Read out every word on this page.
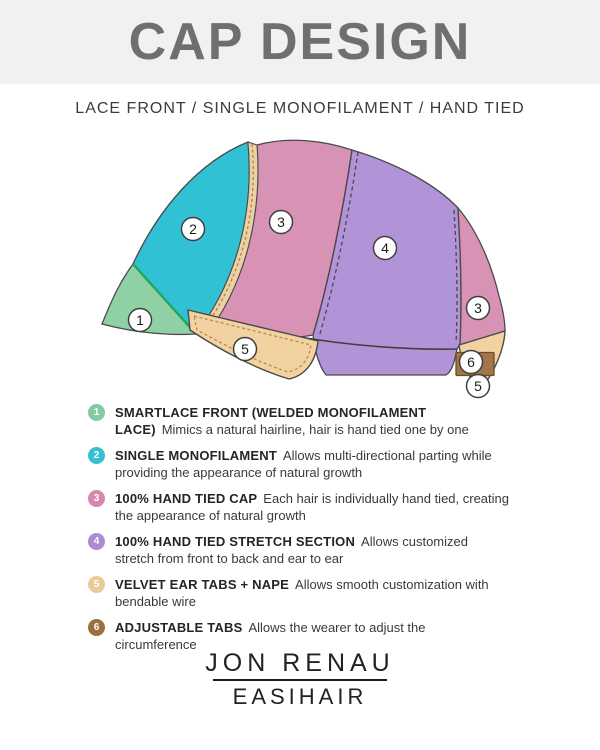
CAP DESIGN
LACE FRONT / SINGLE MONOFILAMENT / HAND TIED
1
2	3
4
3
5
6
5
1 SMARTLACE FRONT (WELDED MONOFILAMENT LACE) Mimics a natural hairline, hair is hand tied one by one

2 SINGLE MONOFILAMENT Allows multi-directional parting while providing the appearance of natural growth

3 100% HAND TIED CAP Each hair is individually hand tied, creating the appearance of natural growth

4 100% HAND TIED STRETCH SECTION Allows customized stretch from front to back and ear to ear

5 VELVET EAR TABS + NAPE Allows smooth customization with bendable wire

6 ADJUSTABLE TABS Allows the wearer to adjust the circumference

JON RENAU
EASIHAIR
